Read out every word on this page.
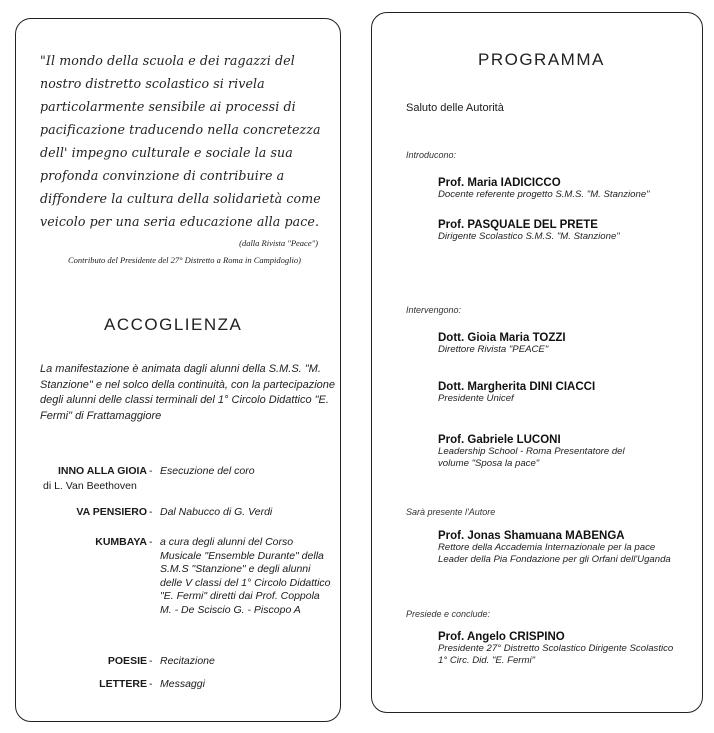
"Il mondo della scuola e dei ragazzi del nostro distretto scolastico si rivela particolarmente sensibile ai processi di pacificazione traducendo nella concretezza dell' impegno culturale e sociale la sua profonda convinzione di contribuire a diffondere la cultura della solidarietà come veicolo per una seria educazione alla pace.
(dalla Rivista "Peace")
Contributo del Presidente del 27° Distretto a Roma in Campidoglio)
ACCOGLIENZA
La manifestazione è animata dagli alunni della S.M.S. "M. Stanzione" e nel solco della continuità, con la partecipazione degli alunni delle classi terminali del 1° Circolo Didattico "E. Fermi" di Frattamaggiore
INNO ALLA GIOIA - Esecuzione del coro
di L. Van Beethoven
VA PENSIERO - Dal Nabucco di G. Verdi
KUMBAYA - a cura degli alunni del Corso Musicale "Ensemble Durante" della S.M.S "Stanzione" e degli alunni delle V classi del 1° Circolo Didattico "E. Fermi" diretti dai Prof. Coppola M. - De Sciscio G. - Piscopo A
POESIE - Recitazione
LETTERE - Messaggi
PROGRAMMA
Saluto delle Autorità
Introducono:
Prof. Maria IADICICCO
Docente referente progetto S.M.S. "M. Stanzione"
Prof. PASQUALE DEL PRETE
Dirigente Scolastico S.M.S. "M. Stanzione"
Intervengono:
Dott. Gioia Maria TOZZI
Direttore Rivista "PEACE"
Dott. Margherita DINI CIACCI
Presidente Unicef
Prof. Gabriele LUCONI
Leadership School - Roma Presentatore del volume "Sposa la pace"
Sarà presente l'Autore
Prof. Jonas Shamuana MABENGA
Rettore della Accademia Internazionale per la pace Leader della Pia Fondazione per gli Orfani dell'Uganda
Presiede e conclude:
Prof. Angelo CRISPINO
Presidente 27° Distretto Scolastico Dirigente Scolastico 1° Circ. Did. "E. Fermi"
